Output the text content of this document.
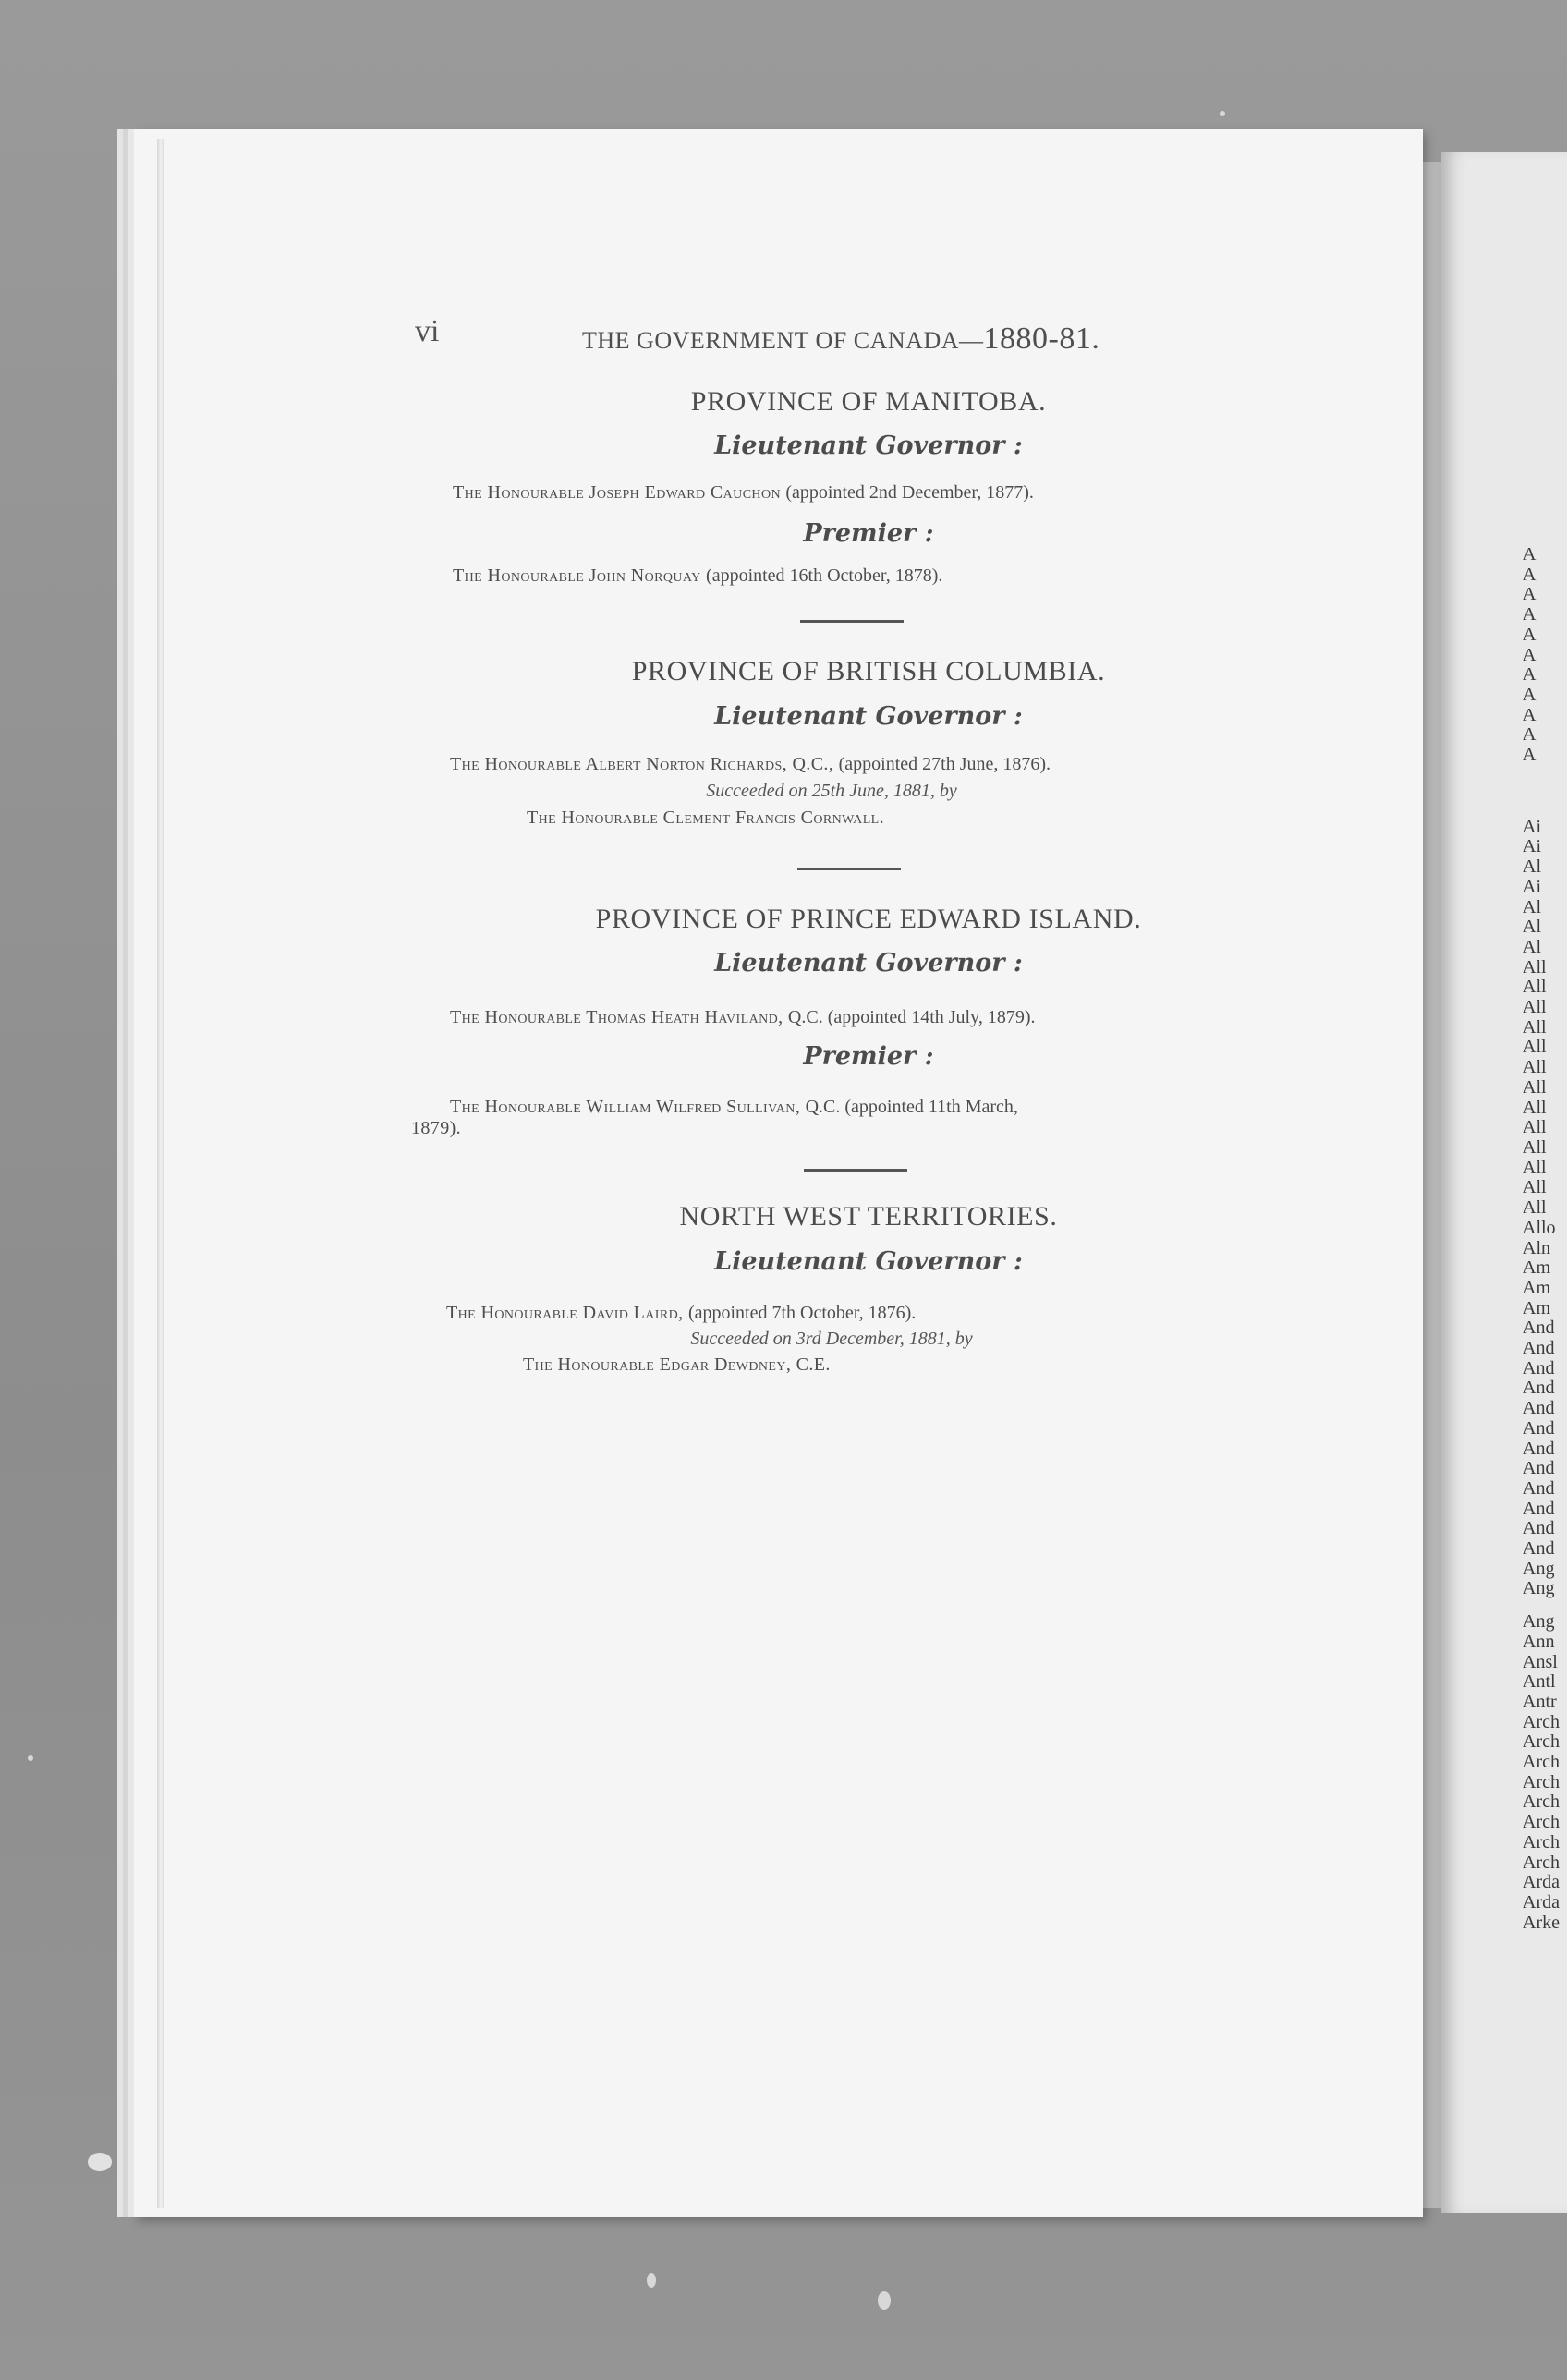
A
A
A
A
A
A
A
A
A
A
A
Ai
Ai
Al
Ai
Al
Al
Al
All
All
All
All
All
All
All
All
All
All
All
All
All
Allo
Aln
Am
Am
Am
And
And
And
And
And
And
And
And
And
And
And
And
Ang
Ang
Ang
Ann
Ansl
Antl
Antr
Arch
Arch
Arch
Arch
Arch
Arch
Arch
Arch
Arda
Arda
Arke
vi	THE GOVERNMENT OF CANADA—1880-81.
PROVINCE OF MANITOBA.
Lieutenant Governor :
The Honourable Joseph Edward Cauchon (appointed 2nd December, 1877).
Premier :
The Honourable John Norquay (appointed 16th October, 1878).
PROVINCE OF BRITISH COLUMBIA.
Lieutenant Governor :
The Honourable Albert Norton Richards, Q.C., (appointed 27th June, 1876).
Succeeded on 25th June, 1881, by
The Honourable Clement Francis Cornwall.
PROVINCE OF PRINCE EDWARD ISLAND.
Lieutenant Governor :
The Honourable Thomas Heath Haviland, Q.C. (appointed 14th July, 1879).
Premier :
The Honourable William Wilfred Sullivan, Q.C. (appointed 11th March,
1879).
NORTH WEST TERRITORIES.
Lieutenant Governor :
The Honourable David Laird, (appointed 7th October, 1876).
Succeeded on 3rd December, 1881, by
The Honourable Edgar Dewdney, C.E.
